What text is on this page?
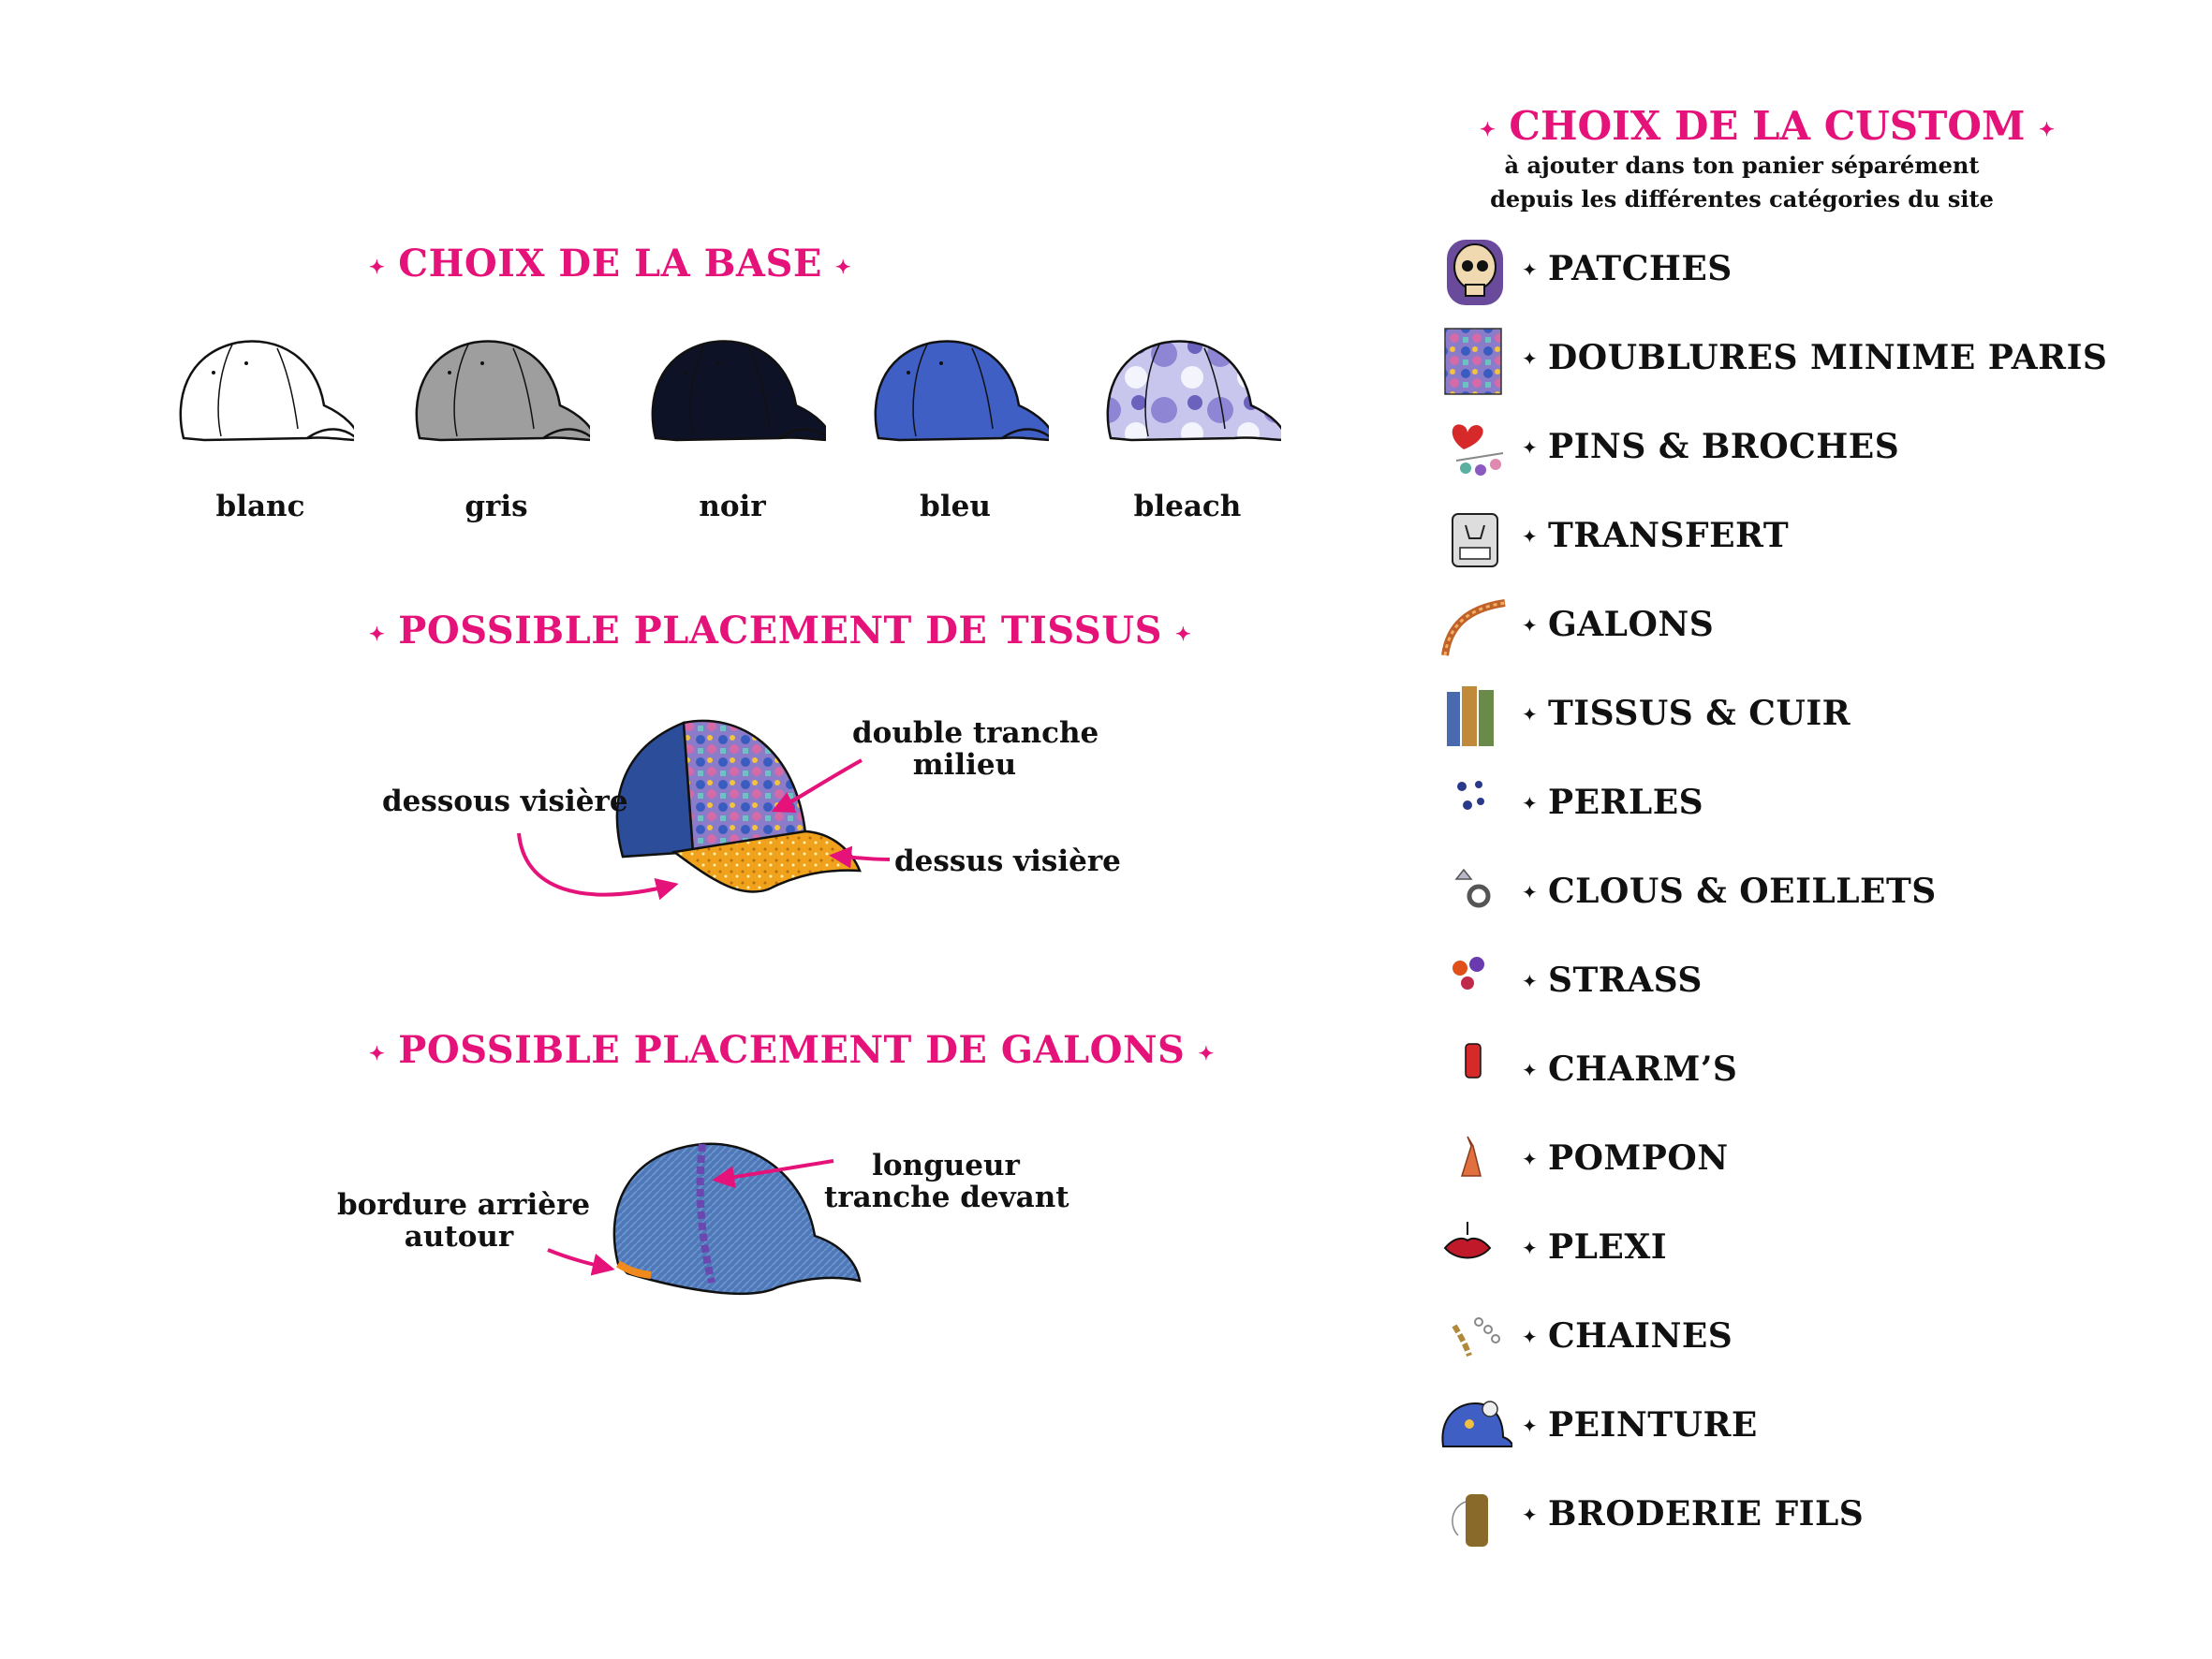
✦ CHOIX DE LA BASE ✦
blanc	gris	noir	bleu	bleach
✦ POSSIBLE PLACEMENT DE TISSUS ✦
dessous visière
double tranche
milieu
dessus visière
✦ POSSIBLE PLACEMENT DE GALONS ✦
longueur
tranche devant
bordure arrière
autour
✦ CHOIX DE LA CUSTOM ✦
à ajouter dans ton panier séparément
depuis les différentes catégories du site
✦ PATCHES
✦ DOUBLURES MINIME PARIS
✦ PINS & BROCHES
✦ TRANSFERT
✦ GALONS
✦ TISSUS & CUIR
✦ PERLES
✦ CLOUS & OEILLETS
✦ STRASS
✦ CHARM’S
✦ POMPON
✦ PLEXI
✦ CHAINES
✦ PEINTURE
✦ BRODERIE FILS
